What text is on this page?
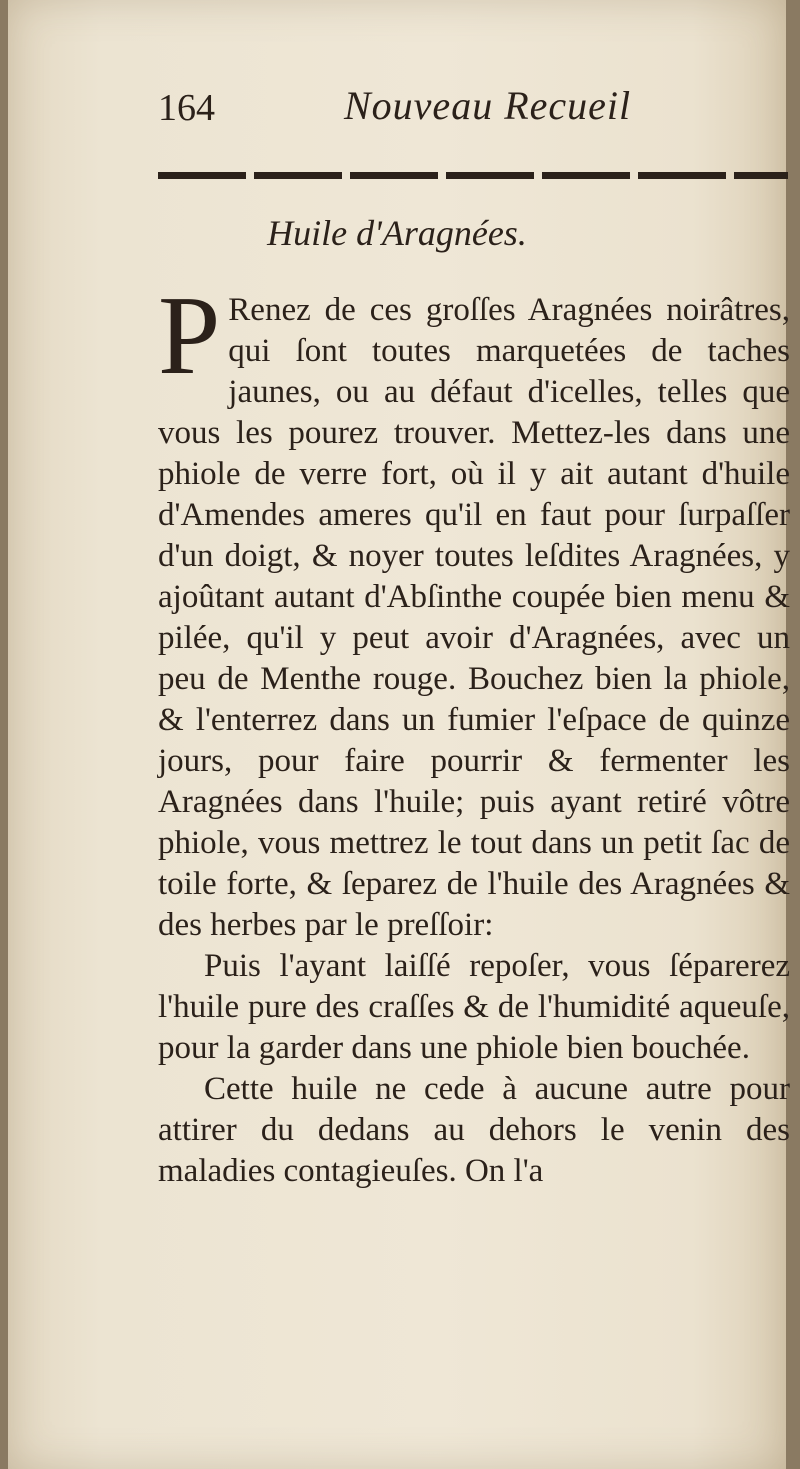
164	Nouveau Recueil
Huile d'Aragnées.

PRenez de ces groſſes Aragnées noirâtres, qui ſont toutes marquetées de taches jaunes, ou au défaut d'icelles, telles que vous les pourez trouver. Mettez-les dans une phiole de verre fort, où il y ait autant d'huile d'Amendes ameres qu'il en faut pour ſurpaſſer d'un doigt, & noyer toutes leſdites Aragnées, y ajoûtant autant d'Abſinthe coupée bien menu & pilée, qu'il y peut avoir d'Aragnées, avec un peu de Menthe rouge. Bouchez bien la phiole, & l'enterrez dans un fumier l'eſpace de quinze jours, pour faire pourrir & fermenter les Aragnées dans l'huile; puis ayant retiré vôtre phiole, vous mettrez le tout dans un petit ſac de toile forte, & ſeparez de l'huile des Aragnées & des herbes par le preſſoir:

Puis l'ayant laiſſé repoſer, vous ſéparerez l'huile pure des craſſes & de l'humidité aqueuſe, pour la garder dans une phiole bien bouchée.

Cette huile ne cede à aucune autre pour attirer du dedans au dehors le venin des maladies contagieuſes. On l'a
